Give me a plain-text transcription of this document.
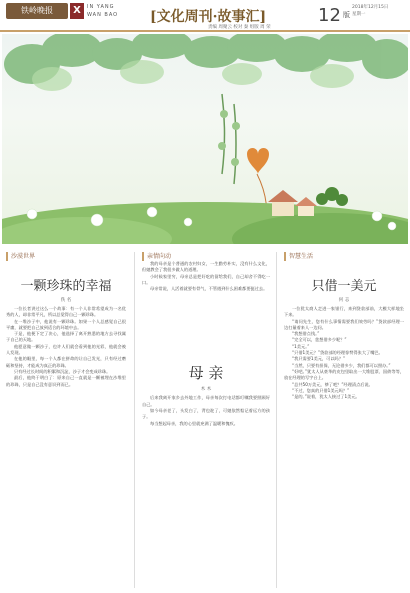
铁岭晚报	X	IN YANG
WAN BAO [文化周刊·故事汇]	12 版
2018年12月15日
星期一
责编 周聚云 校对 秦 组版 周 荣
沙漠世界
一颗珍珠的幸福
佚 名

一位长者讲过这么一个故事：有一个人非常希望成为一名优秀的人，却非常平凡，所以总觉得自己一颗珍珠。

在一堆沙子中，他说有一颗珍珠。如果一个人总感觉自己很平庸，就要把自己放到适合的环境中去。

于是，他便下定了决心，他选择了离开熟悉的地方去寻找属于自己的天地。

他愿意做一颗沙子，也许人们就会看到他的光彩，他就会被人发现。

在他的眼里，每一个人都在拼命的让自己发光，只有经过磨砺和坚持，才能成为真正的珍珠。

只有经过长时间的积累和沉淀，沙子才会变成珍珠。

最后，他终于明白了：原来自己一直就是一颗被埋在沙堆里的珍珠，只是自己没有意识到而已。

亲情向动

我的母亲是个普通的农村妇女，一生勤劳朴实，没有什么文化，但她教会了我很多做人的道理。

小时候家里穷，母亲总是把好吃的留给我们，自己却舍不得吃一口。

母亲常说，人活着就要有骨气，不管遇到什么困难都要挺过去。

母 亲
木 木

后来我离开家乡去外地工作，母亲每次打电话都叮嘱我要照顾好自己。

如今母亲老了，头发白了，背也驼了，可她依然惦记着远方的孩子。

每当想起母亲，我的心里就充满了温暖和愧疚。

智慧生活
只借一美元
何 志

一位犹太商人走进一家银行，来到贷款部前，大模大样地坐下来。

“请问先生，您有什么事情需要我们效劳吗？”贷款部经理一边打量着来人一边问。

“我想借点钱。”

“完全可以，您想借多少呢？”

“1美元。”

“只借1美元？”贷款部的经理惊愕得张大了嘴巴。

“我只需要1美元，可以吗？”

“当然，只要有担保，无论借多少，我们都可以照办。”

“好吧。”犹太人从豪华的皮包里取出一大堆股票、国债等等，放在经理的写字台上。

“总共50万美元，够了吧？”经理清点后说。

“不过，您真的只借1美元吗？”

“是的。”说着，犹太人接过了1美元。
